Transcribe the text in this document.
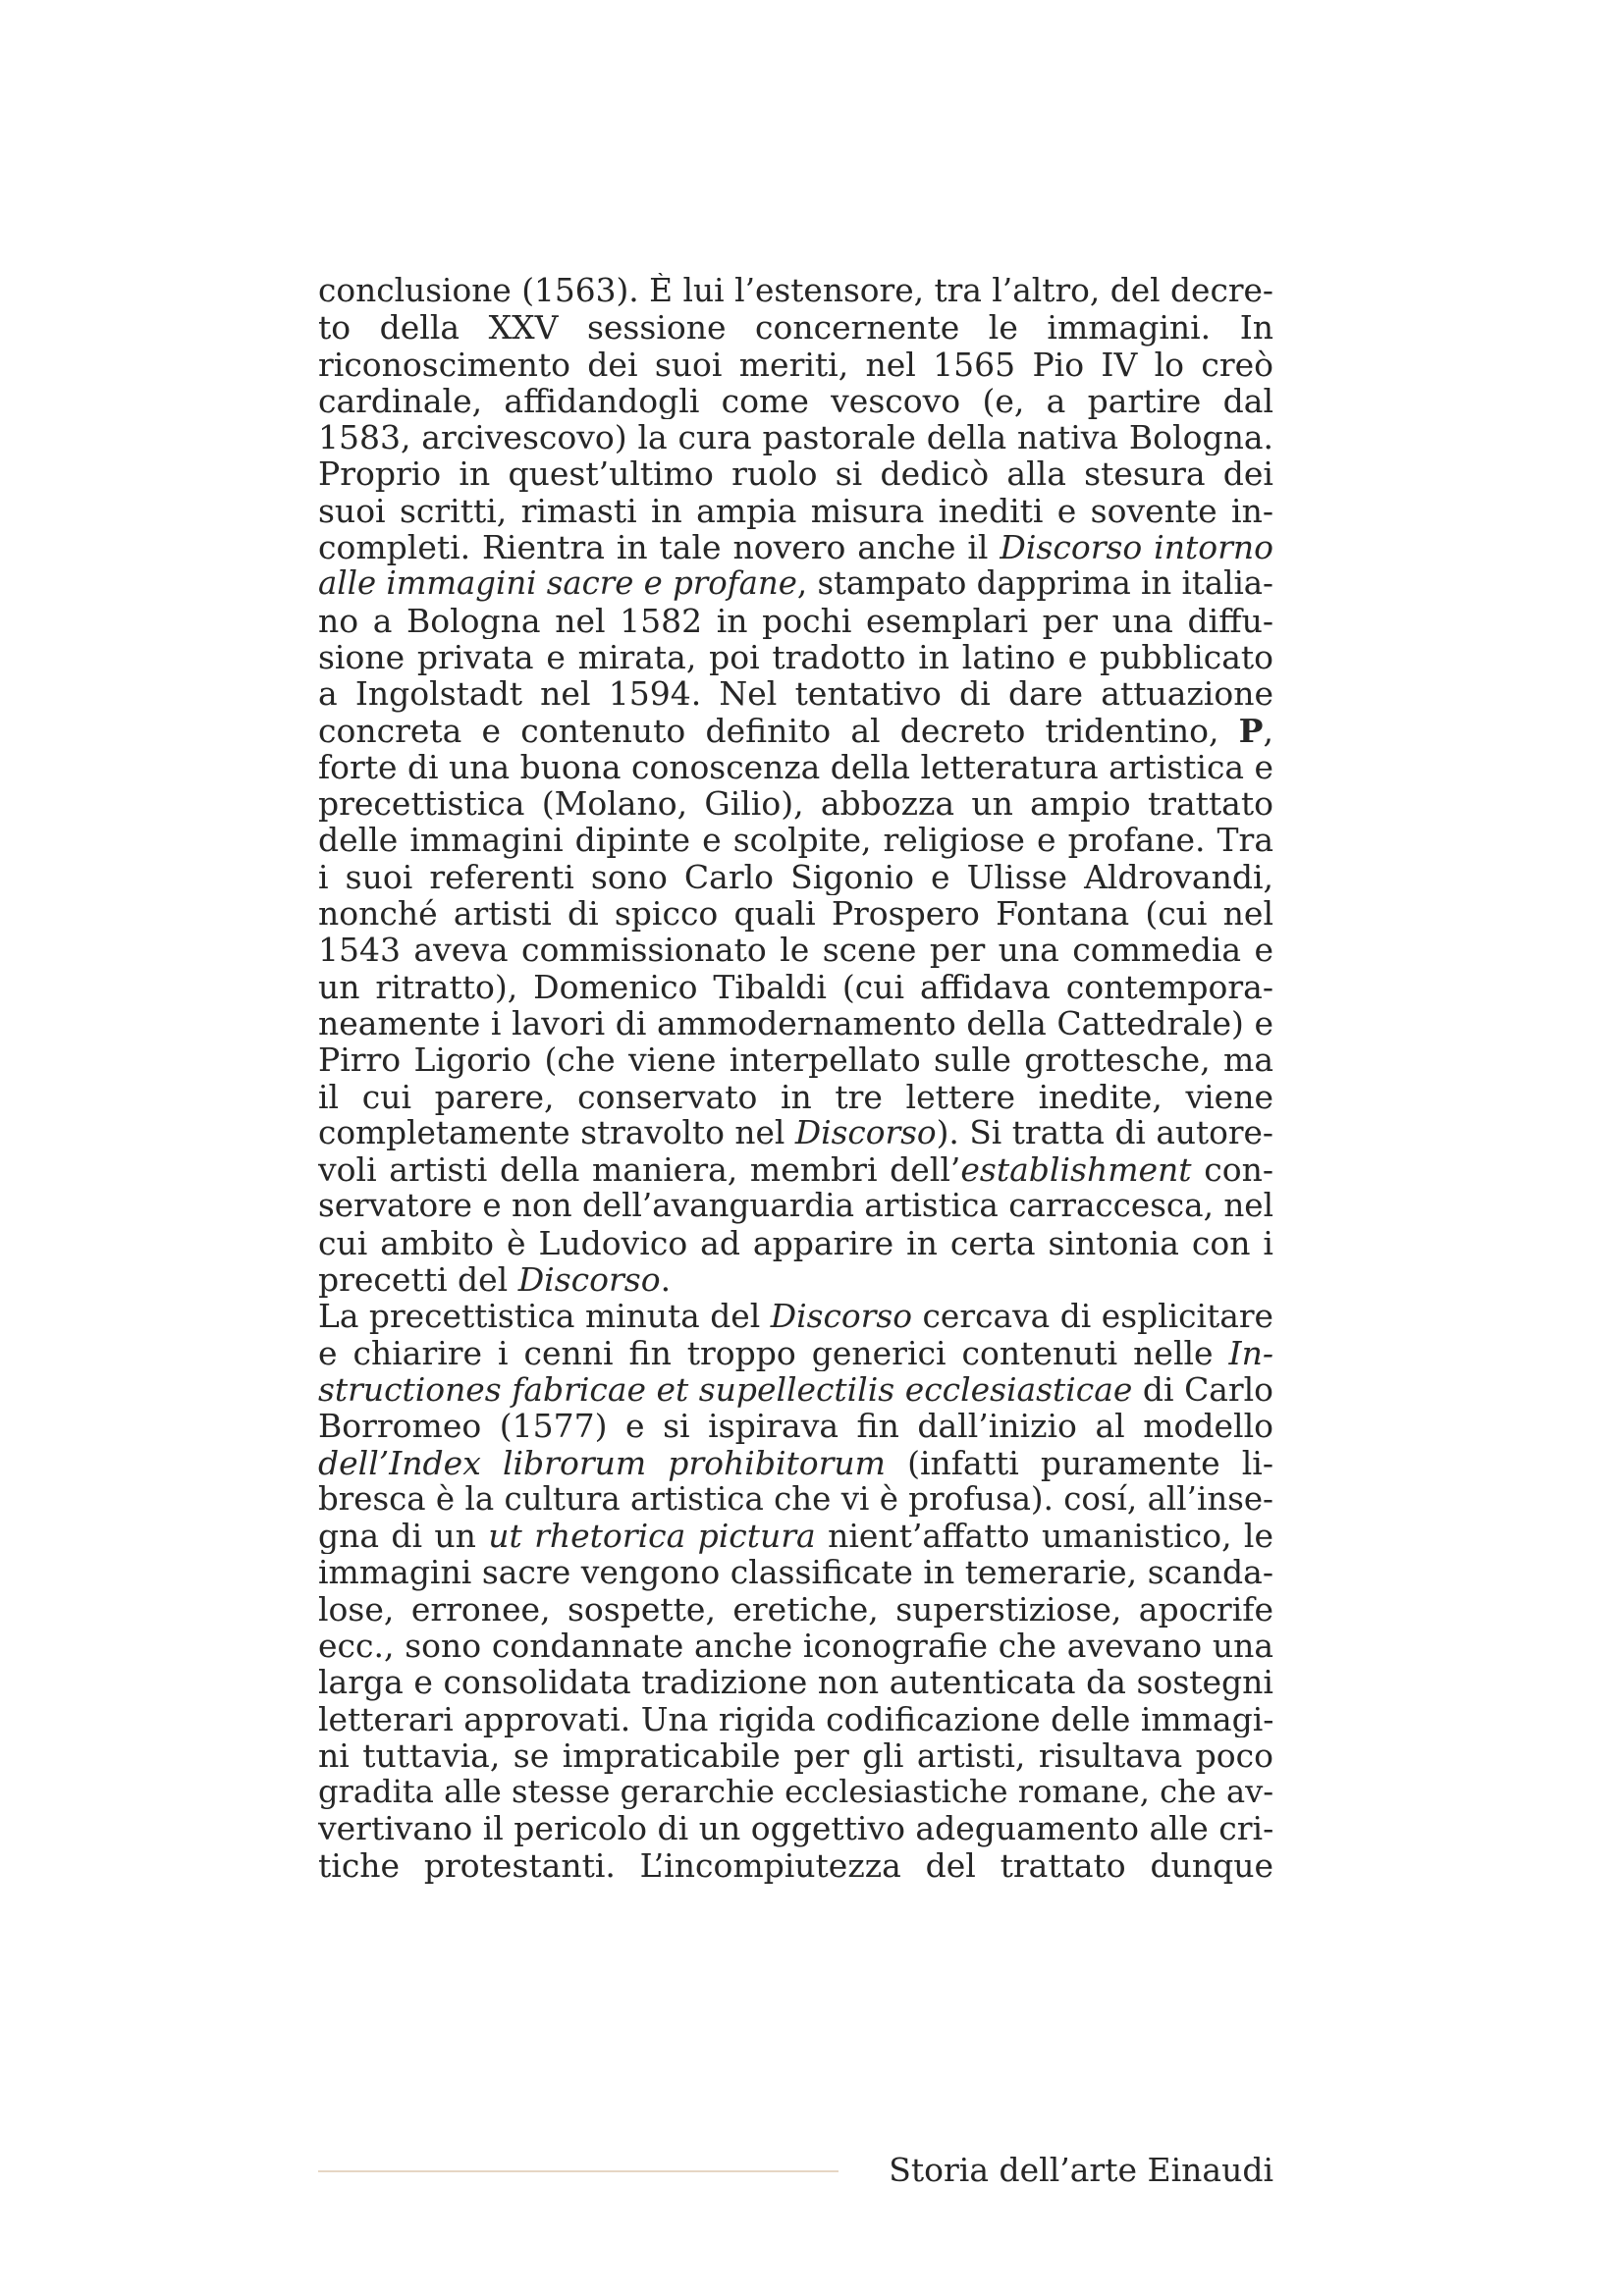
conclusione (1563). È lui l’estensore, tra l’altro, del decre-
to della XXV sessione concernente le immagini. In
riconoscimento dei suoi meriti, nel 1565 Pio IV lo creò
cardinale, affidandogli come vescovo (e, a partire dal
1583, arcivescovo) la cura pastorale della nativa Bologna.
Proprio in quest’ultimo ruolo si dedicò alla stesura dei
suoi scritti, rimasti in ampia misura inediti e sovente in-
completi. Rientra in tale novero anche il Discorso intorno
alle immagini sacre e profane, stampato dapprima in italia-
no a Bologna nel 1582 in pochi esemplari per una diffu-
sione privata e mirata, poi tradotto in latino e pubblicato
a Ingolstadt nel 1594. Nel tentativo di dare attuazione
concreta e contenuto definito al decreto tridentino, P,
forte di una buona conoscenza della letteratura artistica e
precettistica (Molano, Gilio), abbozza un ampio trattato
delle immagini dipinte e scolpite, religiose e profane. Tra
i suoi referenti sono Carlo Sigonio e Ulisse Aldrovandi,
nonché artisti di spicco quali Prospero Fontana (cui nel
1543 aveva commissionato le scene per una commedia e
un ritratto), Domenico Tibaldi (cui affidava contempora-
neamente i lavori di ammodernamento della Cattedrale) e
Pirro Ligorio (che viene interpellato sulle grottesche, ma
il cui parere, conservato in tre lettere inedite, viene
completamente stravolto nel Discorso). Si tratta di autore-
voli artisti della maniera, membri dell’establishment con-
servatore e non dell’avanguardia artistica carraccesca, nel
cui ambito è Ludovico ad apparire in certa sintonia con i
precetti del Discorso.
La precettistica minuta del Discorso cercava di esplicitare
e chiarire i cenni fin troppo generici contenuti nelle In-
structiones fabricae et supellectilis ecclesiasticae di Carlo
Borromeo (1577) e si ispirava fin dall’inizio al modello
dell’Index librorum prohibitorum (infatti puramente li-
bresca è la cultura artistica che vi è profusa). cosí, all’inse-
gna di un ut rhetorica pictura nient’affatto umanistico, le
immagini sacre vengono classificate in temerarie, scanda-
lose, erronee, sospette, eretiche, superstiziose, apocrife
ecc., sono condannate anche iconografie che avevano una
larga e consolidata tradizione non autenticata da sostegni
letterari approvati. Una rigida codificazione delle immagi-
ni tuttavia, se impraticabile per gli artisti, risultava poco
gradita alle stesse gerarchie ecclesiastiche romane, che av-
vertivano il pericolo di un oggettivo adeguamento alle cri-
tiche protestanti. L’incompiutezza del trattato dunque
Storia dell’arte Einaudi
